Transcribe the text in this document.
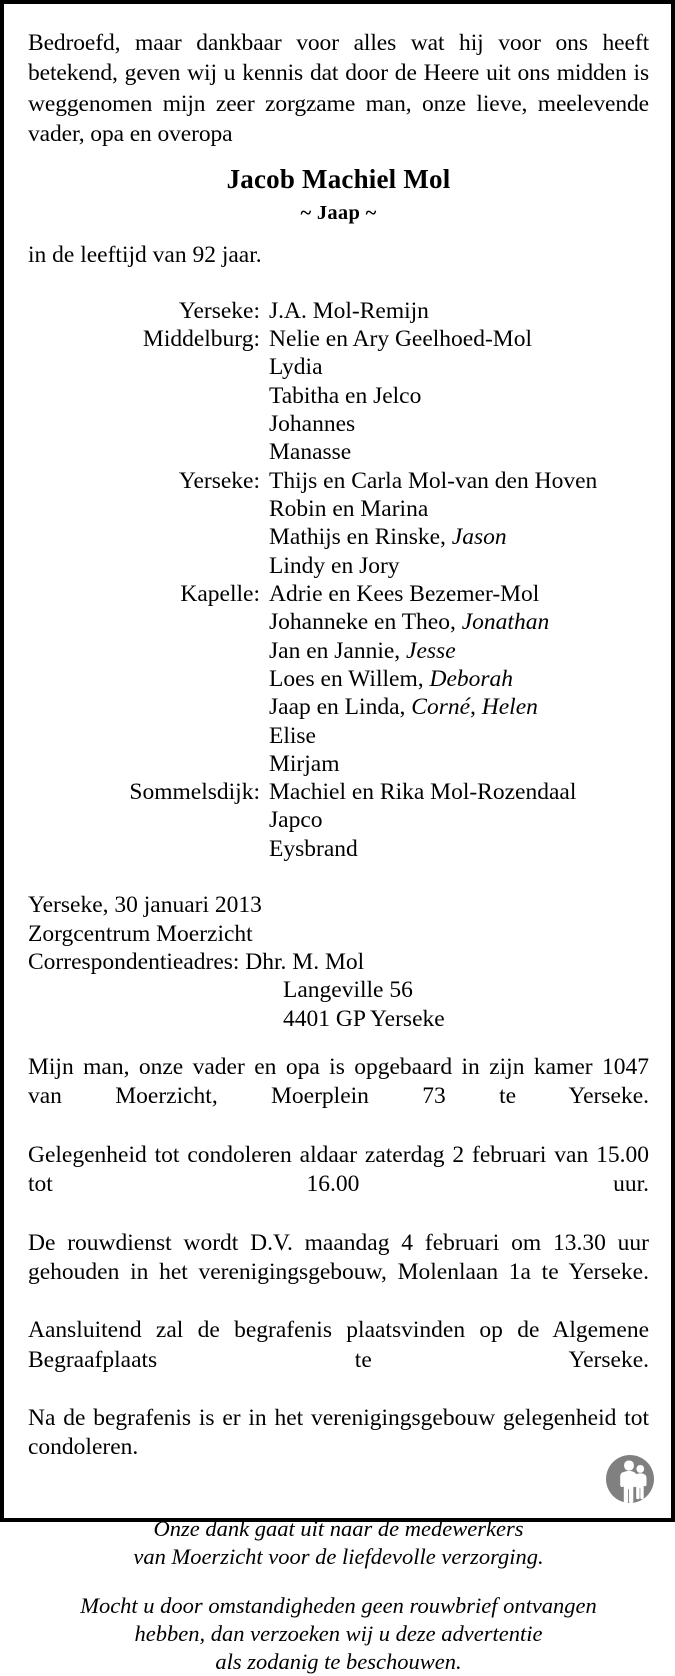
Bedroefd, maar dankbaar voor alles wat hij voor ons heeft betekend, geven wij u kennis dat door de Heere uit ons midden is weggenomen mijn zeer zorgzame man, onze lieve, meelevende vader, opa en overopa

Jacob Machiel Mol
~ Jaap ~
in de leeftijd van 92 jaar.
Yerseke:	J.A. Mol-Remijn
Middelburg:	Nelie en Ary Geelhoed-Mol
	Lydia
	Tabitha en Jelco
	Johannes
	Manasse
Yerseke:	Thijs en Carla Mol-van den Hoven
	Robin en Marina
	Mathijs en Rinske, Jason
	Lindy en Jory
Kapelle:	Adrie en Kees Bezemer-Mol
	Johanneke en Theo, Jonathan
	Jan en Jannie, Jesse
	Loes en Willem, Deborah
	Jaap en Linda, Corné, Helen
	Elise
	Mirjam
Sommelsdijk:	Machiel en Rika Mol-Rozendaal
	Japco
	Eysbrand
Yerseke, 30 januari 2013
Zorgcentrum Moerzicht
Correspondentieadres: Dhr. M. Mol
Langeville 56
4401 GP Yerseke

Mijn man, onze vader en opa is opgebaard in zijn kamer 1047 van Moerzicht, Moerplein 73 te Yerseke.

Gelegenheid tot condoleren aldaar zaterdag 2 februari van 15.00 tot 16.00 uur.

De rouwdienst wordt D.V. maandag 4 februari om 13.30 uur gehouden in het verenigingsgebouw, Molenlaan 1a te Yerseke.

Aansluitend zal de begrafenis plaatsvinden op de Algemene Begraafplaats te Yerseke.

Na de begrafenis is er in het verenigingsgebouw gelegenheid tot condoleren.

Onze dank gaat uit naar de medewerkers
van Moerzicht voor de liefdevolle verzorging.
Mocht u door omstandigheden geen rouwbrief ontvangen
hebben, dan verzoeken wij u deze advertentie
als zodanig te beschouwen.
